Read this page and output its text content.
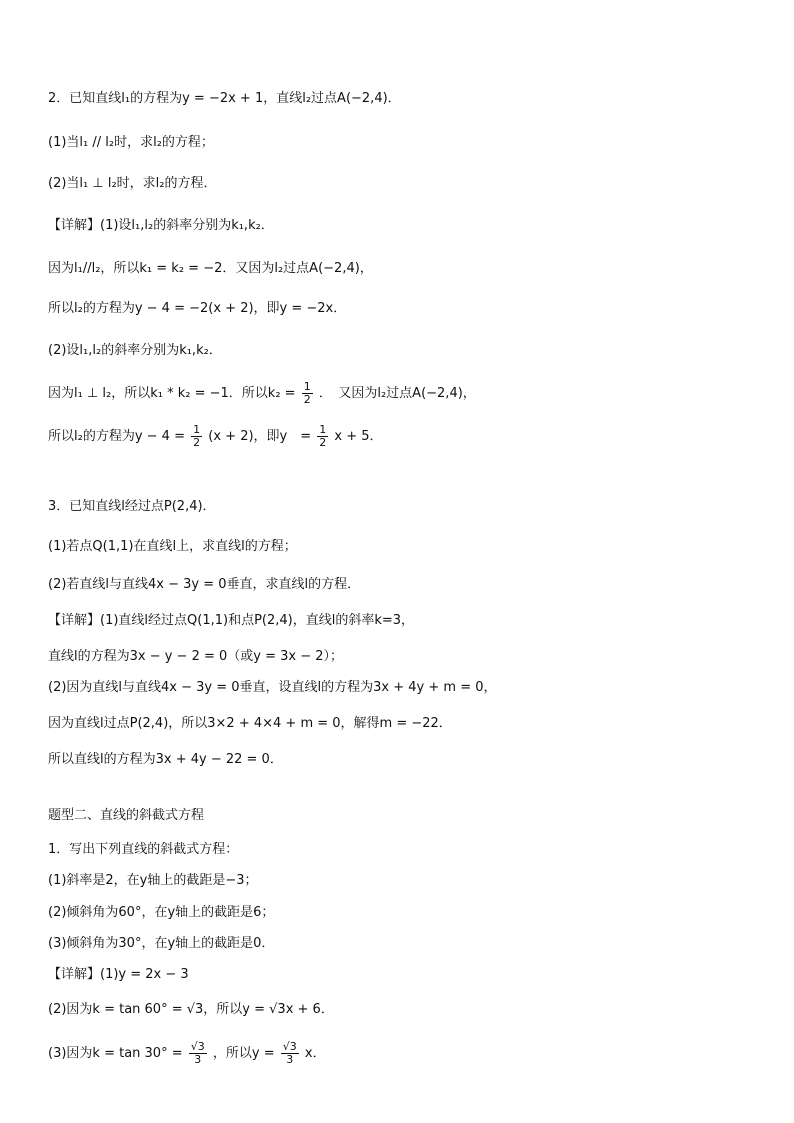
2．已知直线l₁的方程为y = −2x + 1，直线l₂过点A(−2,4)．
(1)当l₁ // l₂时，求l₂的方程；
(2)当l₁ ⊥ l₂时，求l₂的方程．
【详解】(1)设l₁,l₂的斜率分别为k₁,k₂．
因为l₁//l₂，所以k₁ = k₂ = −2．又因为l₂过点A(−2,4)，
所以l₂的方程为y − 4 = −2(x + 2)，即y = −2x．
(2)设l₁,l₂的斜率分别为k₁,k₂．
因为l₁ ⊥ l₂，所以k₁ * k₂ = −1．所以$k_2 = \frac{1}{2}$ ．　又因为l₂过点A(−2,4)，
所以l₂的方程为$y - 4 = \frac{1}{2} (x + 2)$，即y　= $\frac{1}{2}$ x + 5．
3．已知直线l经过点P(2,4)．
(1)若点Q(1,1)在直线l上，求直线l的方程；
(2)若直线l与直线4x − 3y = 0垂直，求直线l的方程．
【详解】(1)直线l经过点Q(1,1)和点P(2,4)，直线l的斜率k=3，
直线l的方程为3x − y − 2 = 0（或y = 3x − 2）；
(2)因为直线l与直线4x − 3y = 0垂直，设直线l的方程为3x + 4y + m = 0，
因为直线l过点P(2,4)，所以3×2 + 4×4 + m = 0，解得m = −22．
所以直线l的方程为3x + 4y − 22 = 0．
题型二、直线的斜截式方程
1．写出下列直线的斜截式方程：
(1)斜率是2，在y轴上的截距是−3；
(2)倾斜角为60°，在y轴上的截距是6；
(3)倾斜角为30°，在y轴上的截距是0．
【详解】(1)y = 2x − 3
(2)因为k = tan 60° = √3，所以y = √3x + 6．
(3)因为$k = \tan 30^\circ = \frac{√3}{3}$ ，所以$y = \frac{√3}{3}$ x．
